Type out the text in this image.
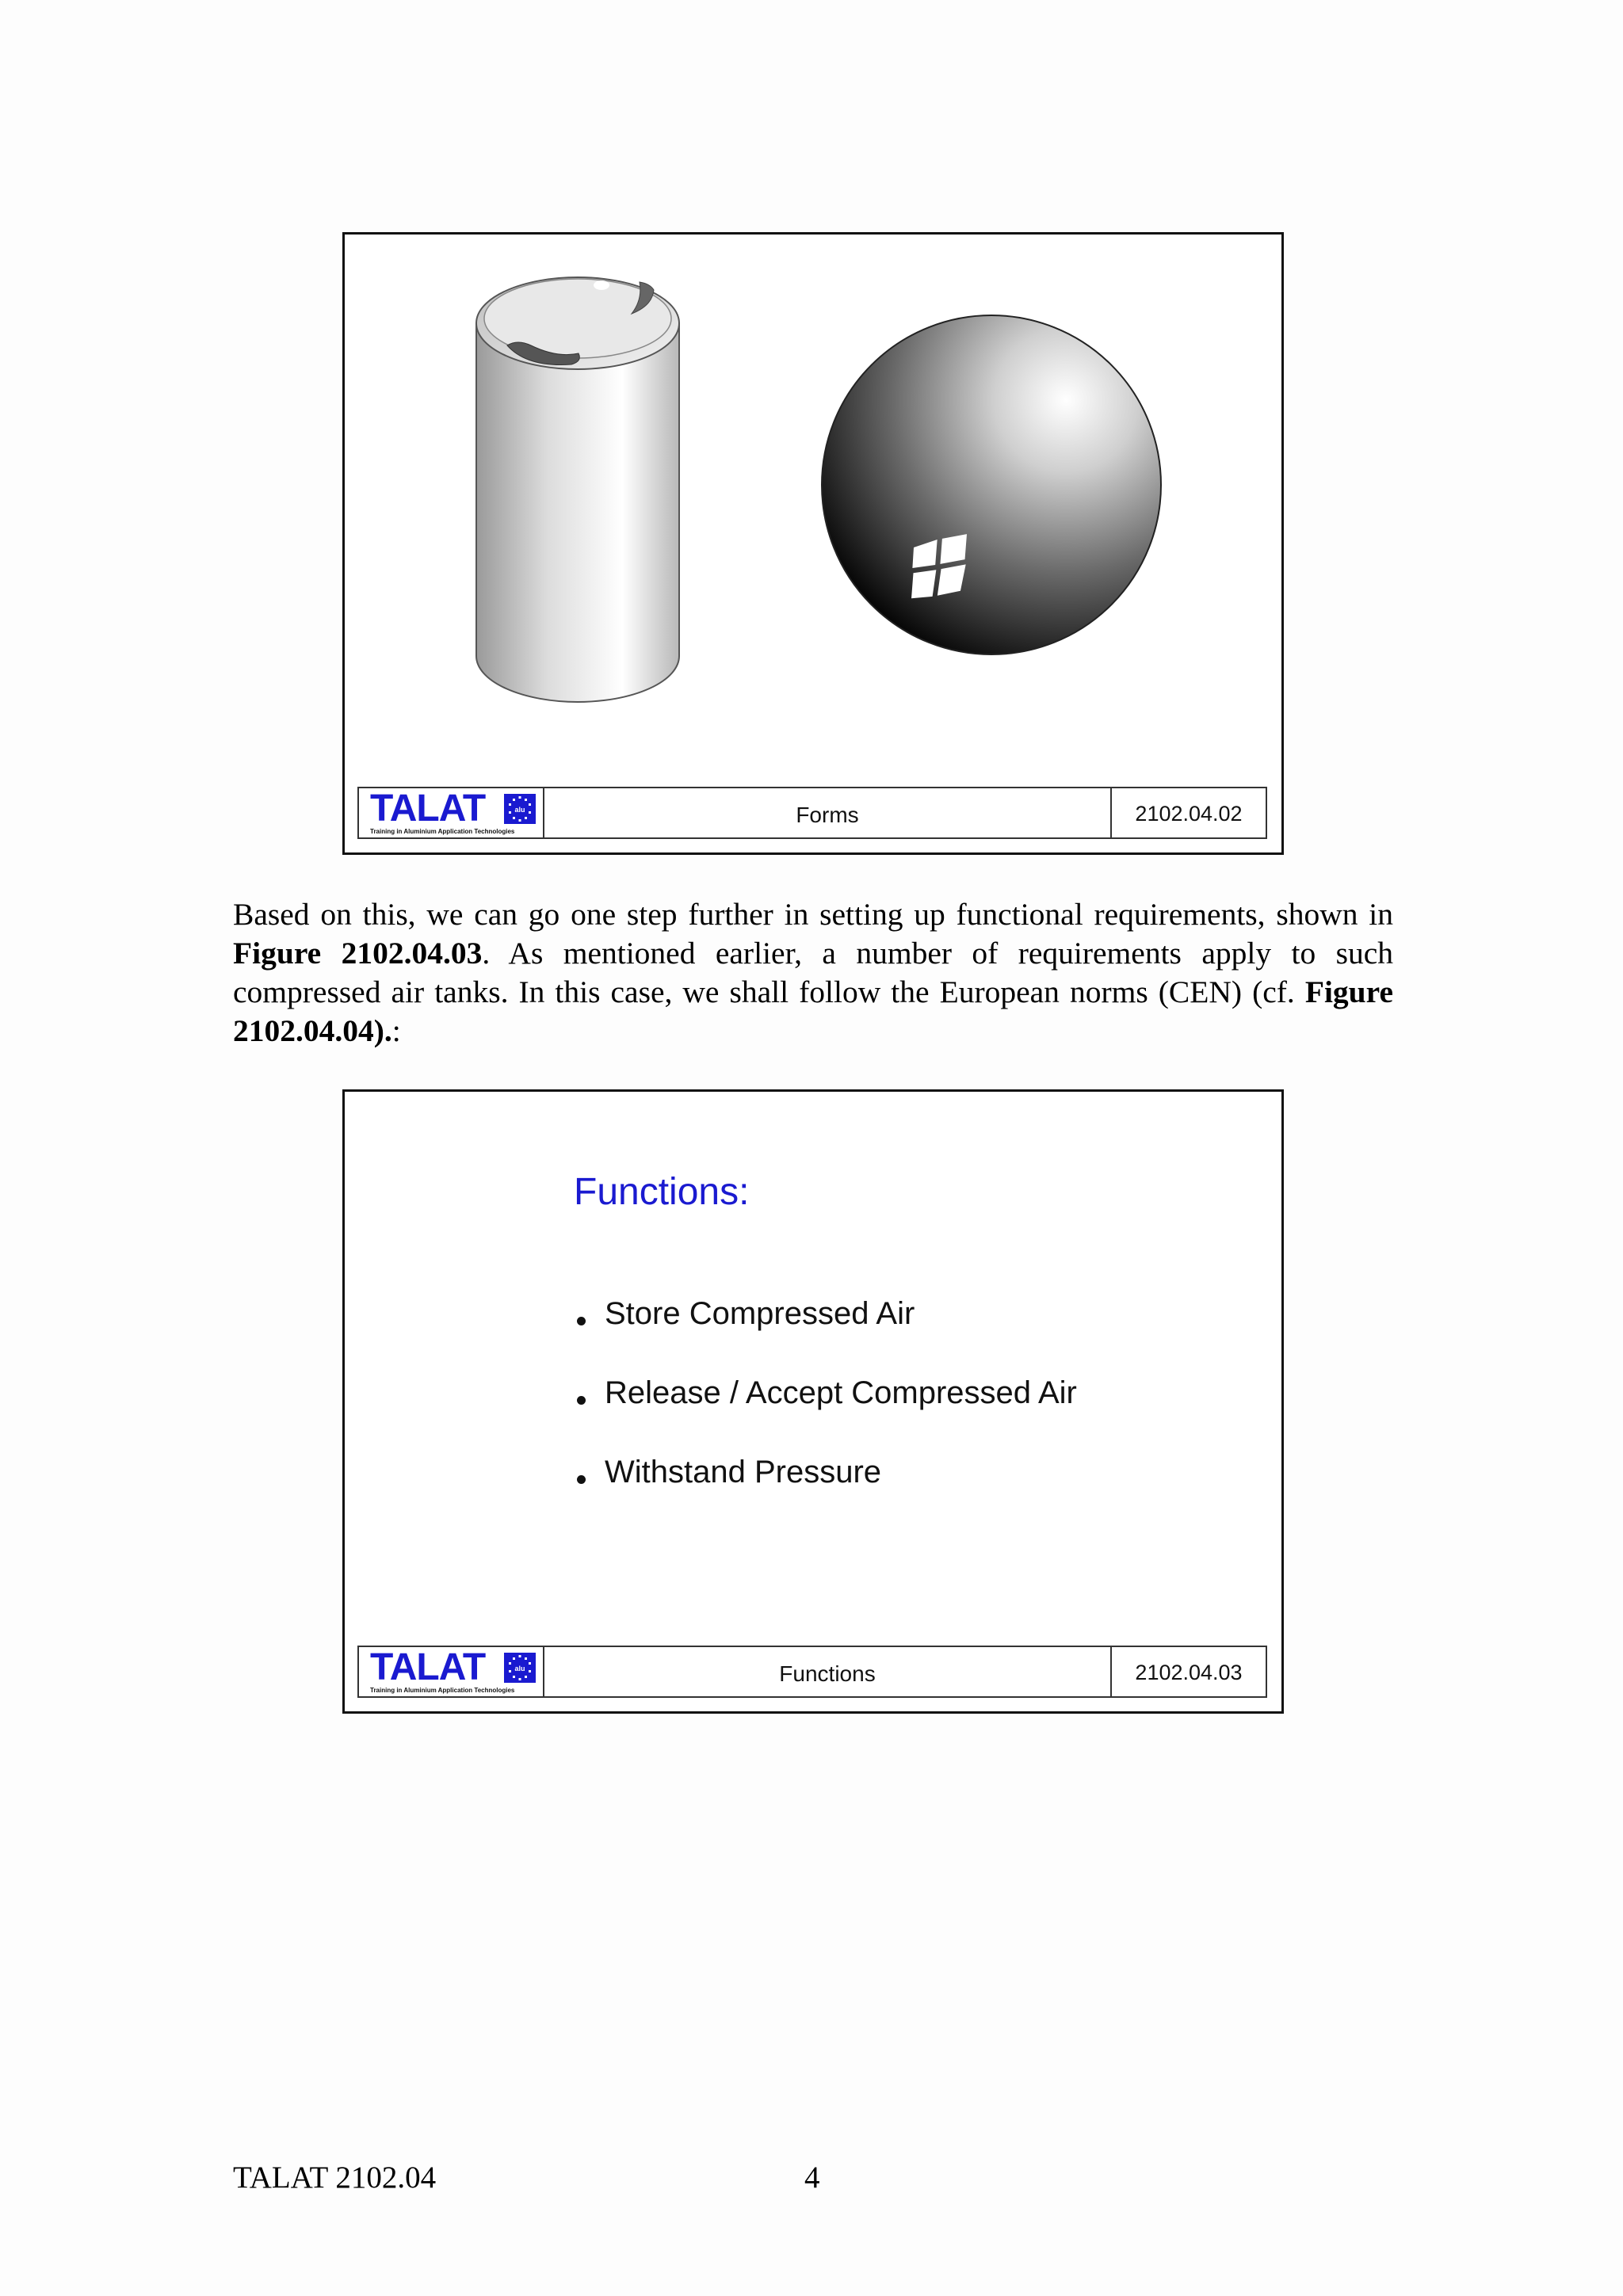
TALAT	alu
Training in Aluminium Application Technologies
Forms	2102.04.02

Based on this, we can go one step further in setting up functional requirements, shown in Figure 2102.04.03. As mentioned earlier, a number of requirements apply to such compressed air tanks. In this case, we shall follow the European norms (CEN) (cf. Figure 2102.04.04).:

Functions:
Store Compressed Air
Release / Accept Compressed Air
Withstand Pressure
TALAT	alu
Training in Aluminium Application Technologies
Functions	2102.04.03
TALAT 2102.04	4
